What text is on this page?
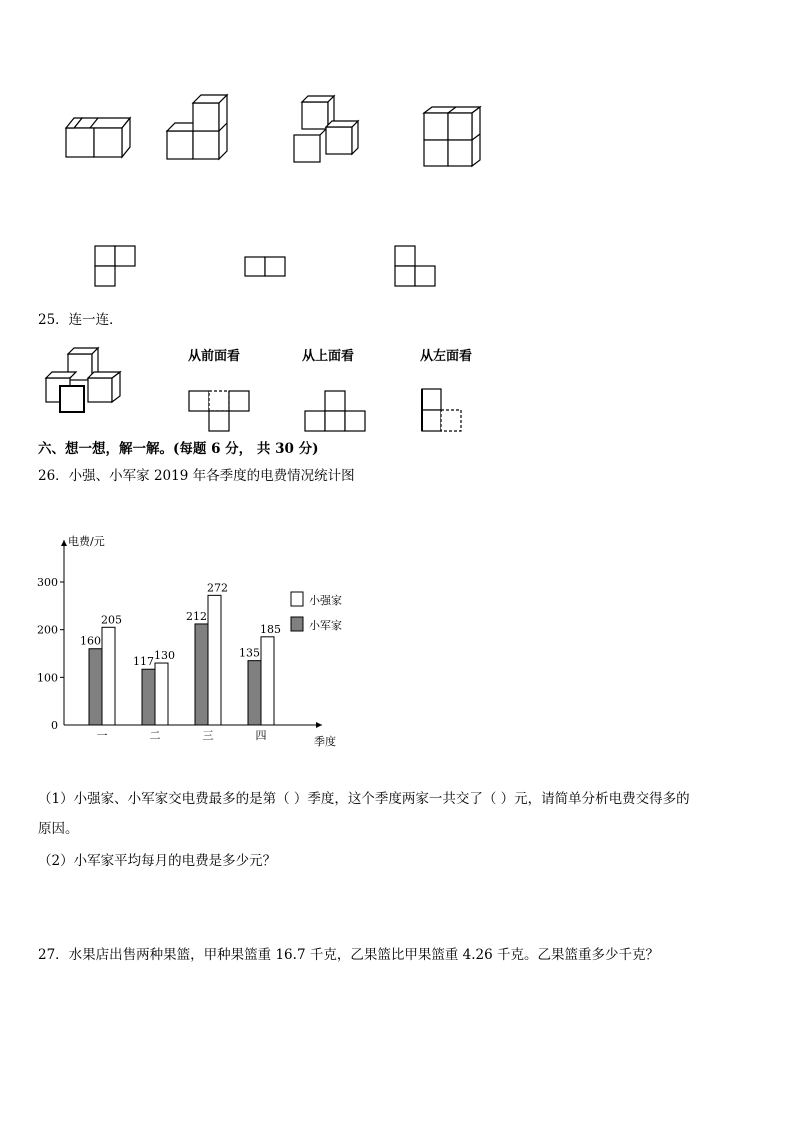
25．连一连．
从前面看	从上面看	从左面看
六、想一想，解一解。(每题 6 分， 共 30 分)
26．小强、小军家 2019 年各季度的电费情况统计图
电费/元
季度
0
100
200
300
160
205
一
117 130
二
212
272
三
135
185
四
小强家
小军家
（1）小强家、小军家交电费最多的是第（ ）季度，这个季度两家一共交了（ ）元，请简单分析电费交得多的
原因。
（2）小军家平均每月的电费是多少元？
27．水果店出售两种果篮，甲种果篮重 16.7 千克，乙果篮比甲果篮重 4.26 千克。乙果篮重多少千克？
